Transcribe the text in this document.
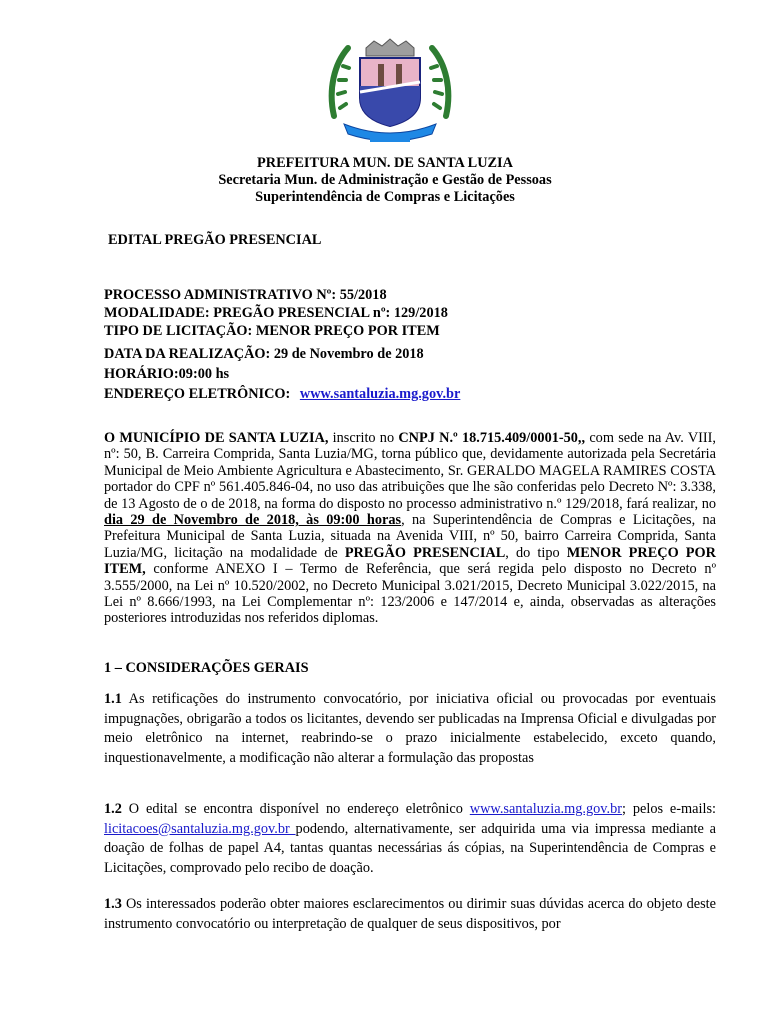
PREFEITURA MUN. DE SANTA LUZIA
Secretaria Mun. de Administração e Gestão de Pessoas
Superintendência de Compras e Licitações
EDITAL PREGÃO PRESENCIAL
PROCESSO ADMINISTRATIVO Nº: 55/2018
MODALIDADE: PREGÃO PRESENCIAL nº: 129/2018
TIPO DE LICITAÇÃO: MENOR PREÇO POR ITEM
DATA DA REALIZAÇÃO: 29 de Novembro de 2018
HORÁRIO:09:00 hs
ENDEREÇO ELETRÔNICO: www.santaluzia.mg.gov.br

O MUNICÍPIO DE SANTA LUZIA, inscrito no CNPJ N.º 18.715.409/0001-50,, com sede na Av. VIII, nº: 50, B. Carreira Comprida, Santa Luzia/MG, torna público que, devidamente autorizada pela Secretária Municipal de Meio Ambiente Agricultura e Abastecimento, Sr. GERALDO MAGELA RAMIRES COSTA portador do CPF nº 561.405.846-04, no uso das atribuições que lhe são conferidas pelo Decreto Nº: 3.338, de 13 Agosto de o de 2018, na forma do disposto no processo administrativo n.º 129/2018, fará realizar, no dia 29 de Novembro de 2018, às 09:00 horas, na Superintendência de Compras e Licitações, na Prefeitura Municipal de Santa Luzia, situada na Avenida VIII, nº 50, bairro Carreira Comprida, Santa Luzia/MG, licitação na modalidade de PREGÃO PRESENCIAL, do tipo MENOR PREÇO POR ITEM, conforme ANEXO I – Termo de Referência, que será regida pelo disposto no Decreto nº 3.555/2000, na Lei nº 10.520/2002, no Decreto Municipal 3.021/2015, Decreto Municipal 3.022/2015, na Lei nº 8.666/1993, na Lei Complementar nº: 123/2006 e 147/2014 e, ainda, observadas as alterações posteriores introduzidas nos referidos diplomas.

1 – CONSIDERAÇÕES GERAIS

1.1 As retificações do instrumento convocatório, por iniciativa oficial ou provocadas por eventuais impugnações, obrigarão a todos os licitantes, devendo ser publicadas na Imprensa Oficial e divulgadas por meio eletrônico na internet, reabrindo-se o prazo inicialmente estabelecido, exceto quando, inquestionavelmente, a modificação não alterar a formulação das propostas

1.2 O edital se encontra disponível no endereço eletrônico www.santaluzia.mg.gov.br; pelos e-mails: licitacoes@santaluzia.mg.gov.br podendo, alternativamente, ser adquirida uma via impressa mediante a doação de folhas de papel A4, tantas quantas necessárias ás cópias, na Superintendência de Compras e Licitações, comprovado pelo recibo de doação.

1.3 Os interessados poderão obter maiores esclarecimentos ou dirimir suas dúvidas acerca do objeto deste instrumento convocatório ou interpretação de qualquer de seus dispositivos, por
